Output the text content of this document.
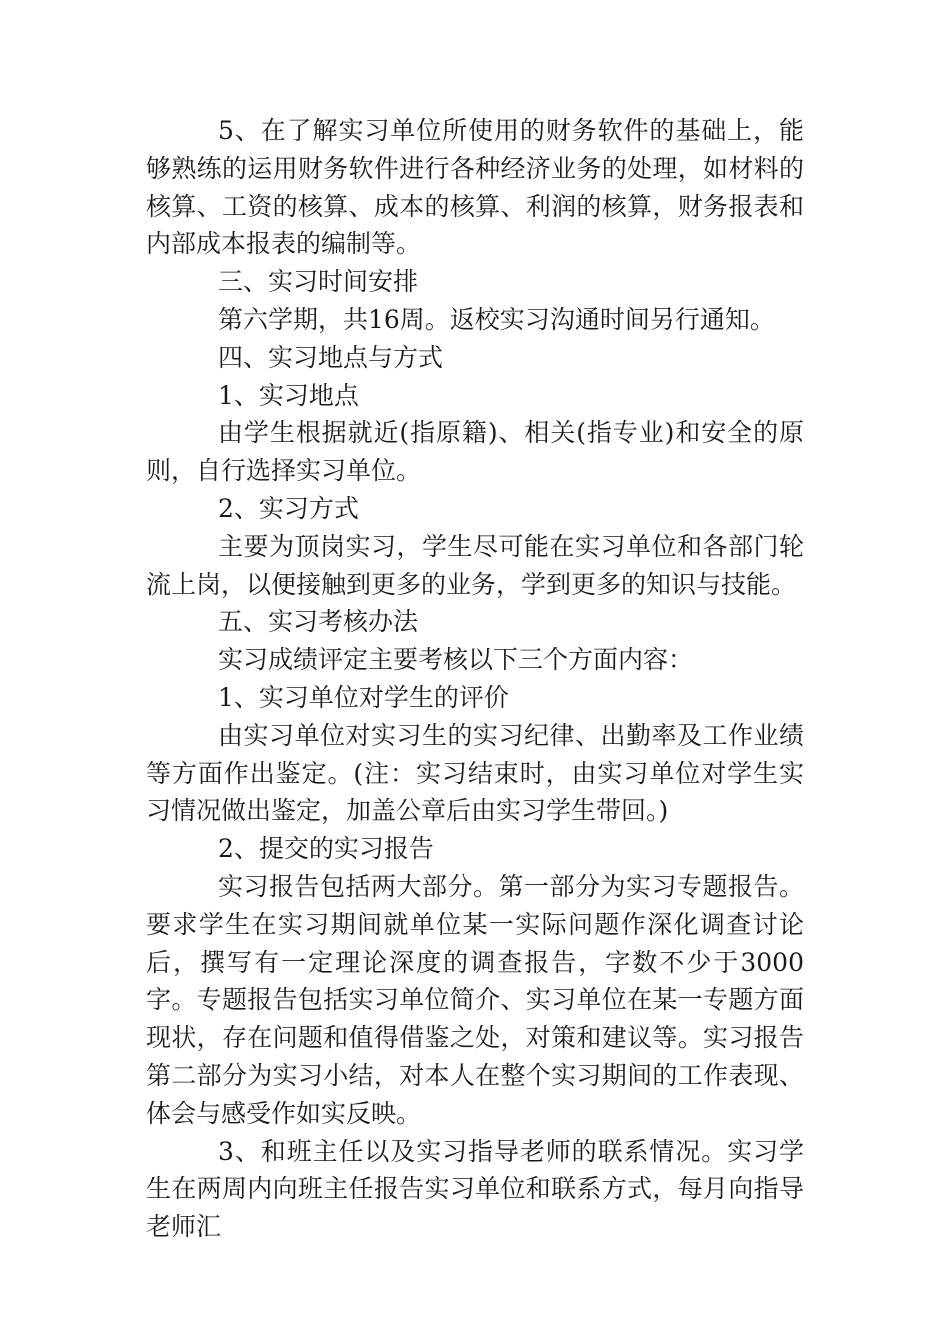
5、在了解实习单位所使用的财务软件的基础上，能够熟练的运用财务软件进行各种经济业务的处理，如材料的核算、工资的核算、成本的核算、利润的核算，财务报表和内部成本报表的编制等。

三、实习时间安排

第六学期，共16周。返校实习沟通时间另行通知。

四、实习地点与方式

1、实习地点

由学生根据就近(指原籍)、相关(指专业)和安全的原则，自行选择实习单位。

2、实习方式

主要为顶岗实习，学生尽可能在实习单位和各部门轮流上岗，以便接触到更多的业务，学到更多的知识与技能。

五、实习考核办法

实习成绩评定主要考核以下三个方面内容：

1、实习单位对学生的评价

由实习单位对实习生的实习纪律、出勤率及工作业绩等方面作出鉴定。(注：实习结束时，由实习单位对学生实习情况做出鉴定，加盖公章后由实习学生带回。)

2、提交的实习报告

实习报告包括两大部分。第一部分为实习专题报告。要求学生在实习期间就单位某一实际问题作深化调查讨论后，撰写有一定理论深度的调查报告，字数不少于3000字。专题报告包括实习单位简介、实习单位在某一专题方面现状，存在问题和值得借鉴之处，对策和建议等。实习报告第二部分为实习小结，对本人在整个实习期间的工作表现、体会与感受作如实反映。

3、和班主任以及实习指导老师的联系情况。实习学生在两周内向班主任报告实习单位和联系方式，每月向指导老师汇
